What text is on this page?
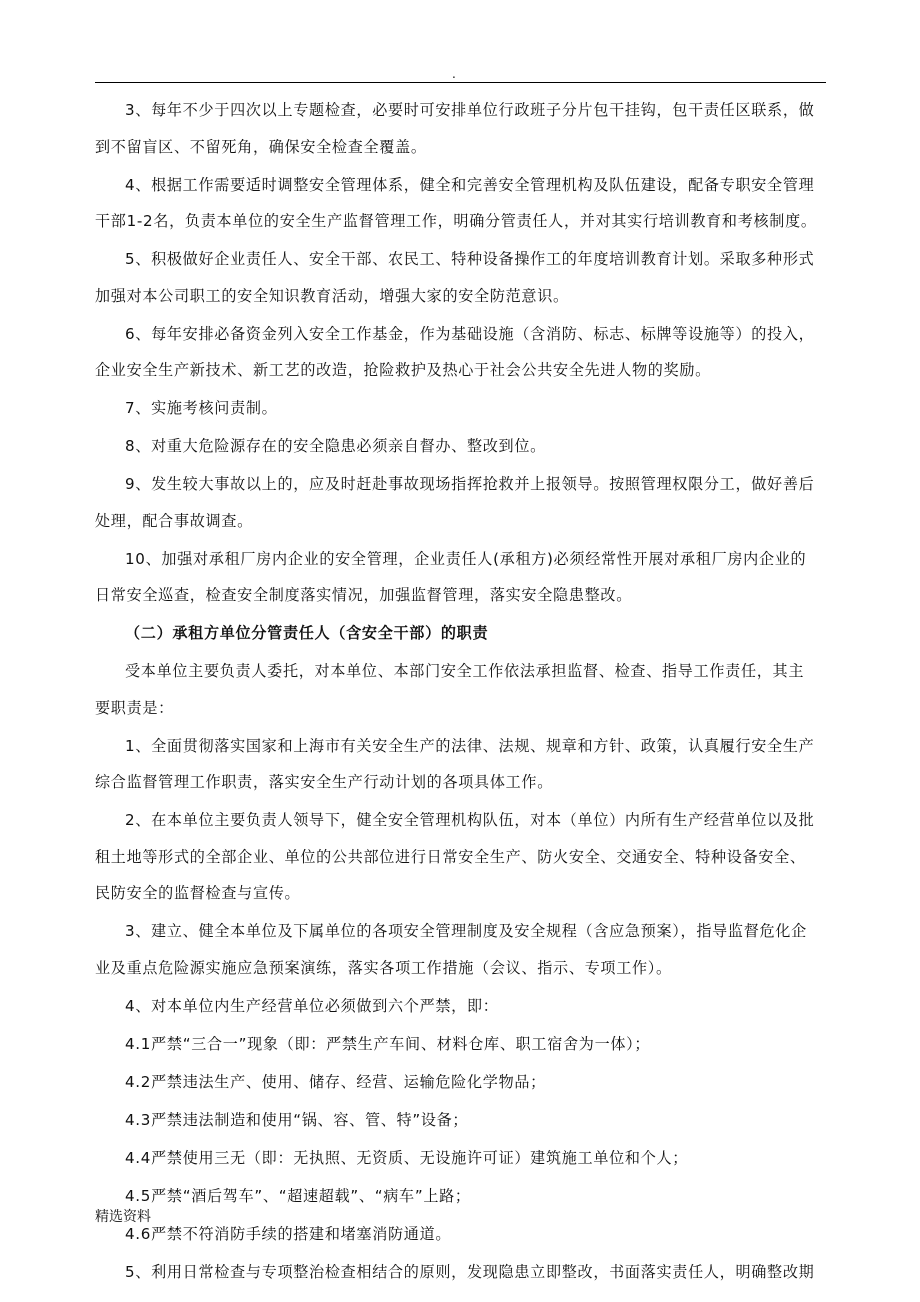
.
3、每年不少于四次以上专题检查，必要时可安排单位行政班子分片包干挂钩，包干责任区联系，做
到不留盲区、不留死角，确保安全检查全覆盖。
4、根据工作需要适时调整安全管理体系，健全和完善安全管理机构及队伍建设，配备专职安全管理
干部1-2名，负责本单位的安全生产监督管理工作，明确分管责任人，并对其实行培训教育和考核制度。
5、积极做好企业责任人、安全干部、农民工、特种设备操作工的年度培训教育计划。采取多种形式
加强对本公司职工的安全知识教育活动，增强大家的安全防范意识。
6、每年安排必备资金列入安全工作基金，作为基础设施（含消防、标志、标牌等设施等）的投入，
企业安全生产新技术、新工艺的改造，抢险救护及热心于社会公共安全先进人物的奖励。
7、实施考核问责制。
8、对重大危险源存在的安全隐患必须亲自督办、整改到位。
9、发生较大事故以上的，应及时赶赴事故现场指挥抢救并上报领导。按照管理权限分工，做好善后
处理，配合事故调查。
10、加强对承租厂房内企业的安全管理，企业责任人(承租方)必须经常性开展对承租厂房内企业的
日常安全巡查，检查安全制度落实情况，加强监督管理，落实安全隐患整改。
（二）承租方单位分管责任人（含安全干部）的职责
受本单位主要负责人委托，对本单位、本部门安全工作依法承担监督、检查、指导工作责任，其主
要职责是：
1、全面贯彻落实国家和上海市有关安全生产的法律、法规、规章和方针、政策，认真履行安全生产
综合监督管理工作职责，落实安全生产行动计划的各项具体工作。
2、在本单位主要负责人领导下，健全安全管理机构队伍，对本（单位）内所有生产经营单位以及批
租土地等形式的全部企业、单位的公共部位进行日常安全生产、防火安全、交通安全、特种设备安全、
民防安全的监督检查与宣传。
3、建立、健全本单位及下属单位的各项安全管理制度及安全规程（含应急预案），指导监督危化企
业及重点危险源实施应急预案演练，落实各项工作措施（会议、指示、专项工作）。
4、对本单位内生产经营单位必须做到六个严禁，即：
4.1严禁“三合一”现象（即：严禁生产车间、材料仓库、职工宿舍为一体）；
4.2严禁违法生产、使用、储存、经营、运输危险化学物品；
4.3严禁违法制造和使用“锅、容、管、特”设备；
4.4严禁使用三无（即：无执照、无资质、无设施许可证）建筑施工单位和个人；
4.5严禁“酒后驾车”、“超速超载”、“病车”上路；
4.6严禁不符消防手续的搭建和堵塞消防通道。
5、利用日常检查与专项整治检查相结合的原则，发现隐患立即整改，书面落实责任人，明确整改期
精选资料
